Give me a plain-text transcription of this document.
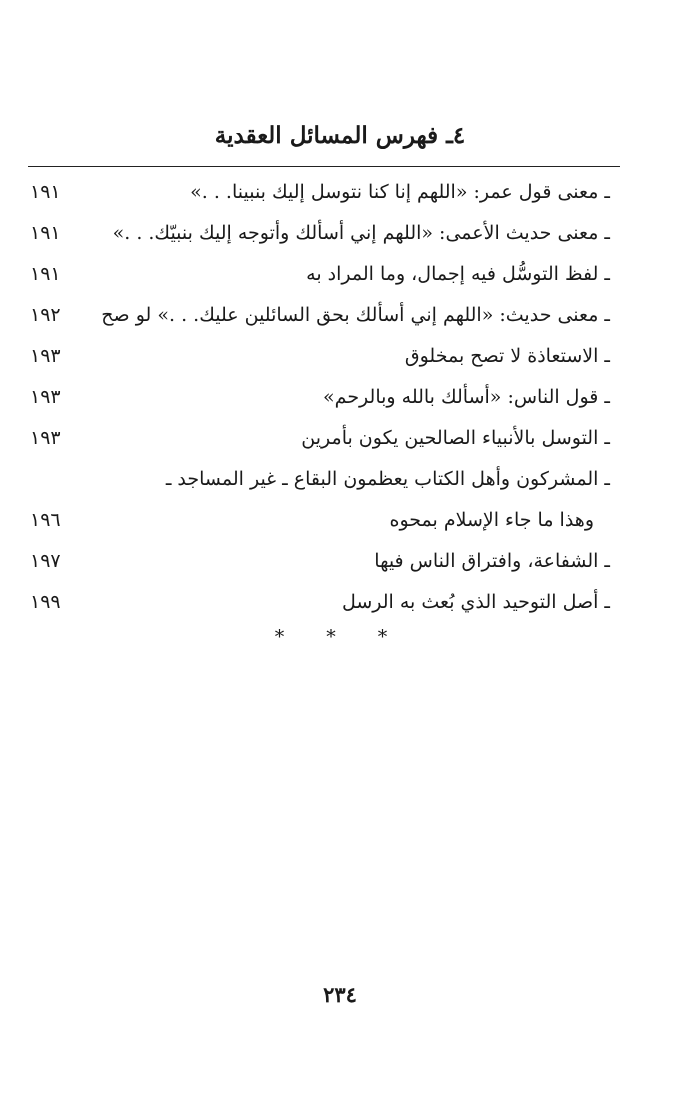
٤ـ فهرس المسائل العقدية
ـ معنى قول عمر: «اللهم إنا كنا نتوسل إليك بنبينا. . .»
١٩١
ـ معنى حديث الأعمى: «اللهم إني أسألك وأتوجه إليك بنبيّك. . .»
١٩١
ـ لفظ التوسُّل فيه إجمال، وما المراد به
١٩١
ـ معنى حديث: «اللهم إني أسألك بحق السائلين عليك. . .» لو صح
١٩٢
ـ الاستعاذة لا تصح بمخلوق
١٩٣
ـ قول الناس: «أسألك بالله وبالرحم»
١٩٣
ـ التوسل بالأنبياء الصالحين يكون بأمرين
١٩٣
ـ المشركون وأهل الكتاب يعظمون البقاع ـ غير المساجد ـ
وهذا ما جاء الإسلام بمحوه
١٩٦
ـ الشفاعة، وافتراق الناس فيها
١٩٧
ـ أصل التوحيد الذي بُعث به الرسل
١٩٩
* * *
٢٣٤
